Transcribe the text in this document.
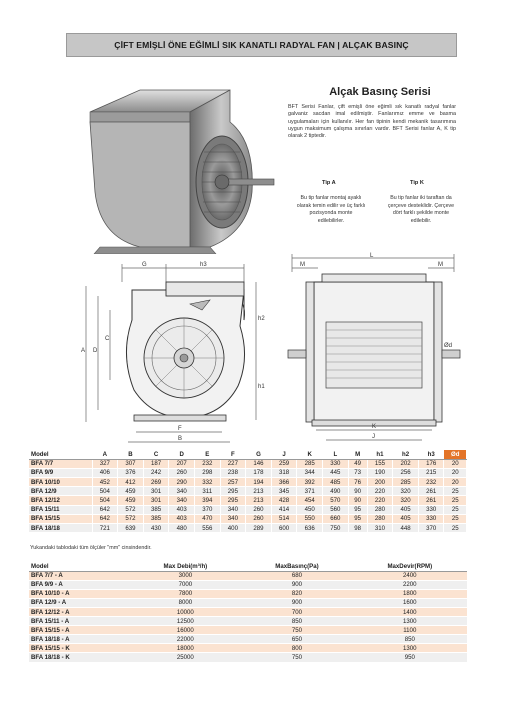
ÇİFT EMİŞLİ ÖNE EĞİMLİ SIK KANATLI RADYAL FAN | ALÇAK BASINÇ
Alçak Basınç Serisi
BFT Serisi Fanlar, çift emişli öne eğimli sık kanatlı radyal fanlar galvaniz sacdan imal edilmiştir. Fanlarımız emme ve basma uygulamaları için kullanılır. Her fan tipinin kendi mekanik tasarımına uygun maksimum çalışma sınırları vardır. BFT Serisi fanlar A, K tip olarak 2 tiptedir.
Tip A	Tip K
Bu tip fanlar montaj ayaklı olarak temin edilir ve üç farklı pozisyonda monte edilebilirler.
Bu tip fanlar iki taraftan da çerçeve desteklidir. Çerçeve dört farklı şekilde monte edilebilir.
G	h3
A D
C
h2
h1
F
B
L
M	M
Ød
K
J
Model	A	B	C	D	E	F	G	J	K	L	M	h1	h2	h3	Ød
BFA 7/7	327	307	187	207	232	227	146	259	285	330	49	155	202	176	20
BFA 9/9	406	376	242	260	298	238	178	318	344	445	73	190	256	215	20
BFA 10/10	452	412	269	290	332	257	194	366	392	485	76	200	285	232	20
BFA 12/9	504	459	301	340	311	295	213	345	371	490	90	220	320	261	25
BFA 12/12	504	459	301	340	394	295	213	428	454	570	90	220	320	261	25
BFA 15/11	642	572	385	403	370	340	260	414	450	560	95	280	405	330	25
BFA 15/15	642	572	385	403	470	340	260	514	550	660	95	280	405	330	25
BFA 18/18	721	639	430	480	556	400	289	600	636	750	98	310	448	370	25
Yukandaki tablodaki tüm ölçüler "mm" cinsindendir.
Model	Max Debi(m³/h)	MaxBasınç(Pa)	MaxDevir(RPM)
BFA 7/7 - A	3000	680	2400
BFA 9/9 - A	7000	900	2200
BFA 10/10 - A	7800	820	1800
BFA 12/9 - A	8000	900	1600
BFA 12/12 - A	10000	700	1400
BFA 15/11 - A	12500	850	1300
BFA 15/15 - A	16000	750	1100
BFA 18/18 - A	22000	650	850
BFA 15/15 - K	18000	800	1300
BFA 18/18 - K	25000	750	950
